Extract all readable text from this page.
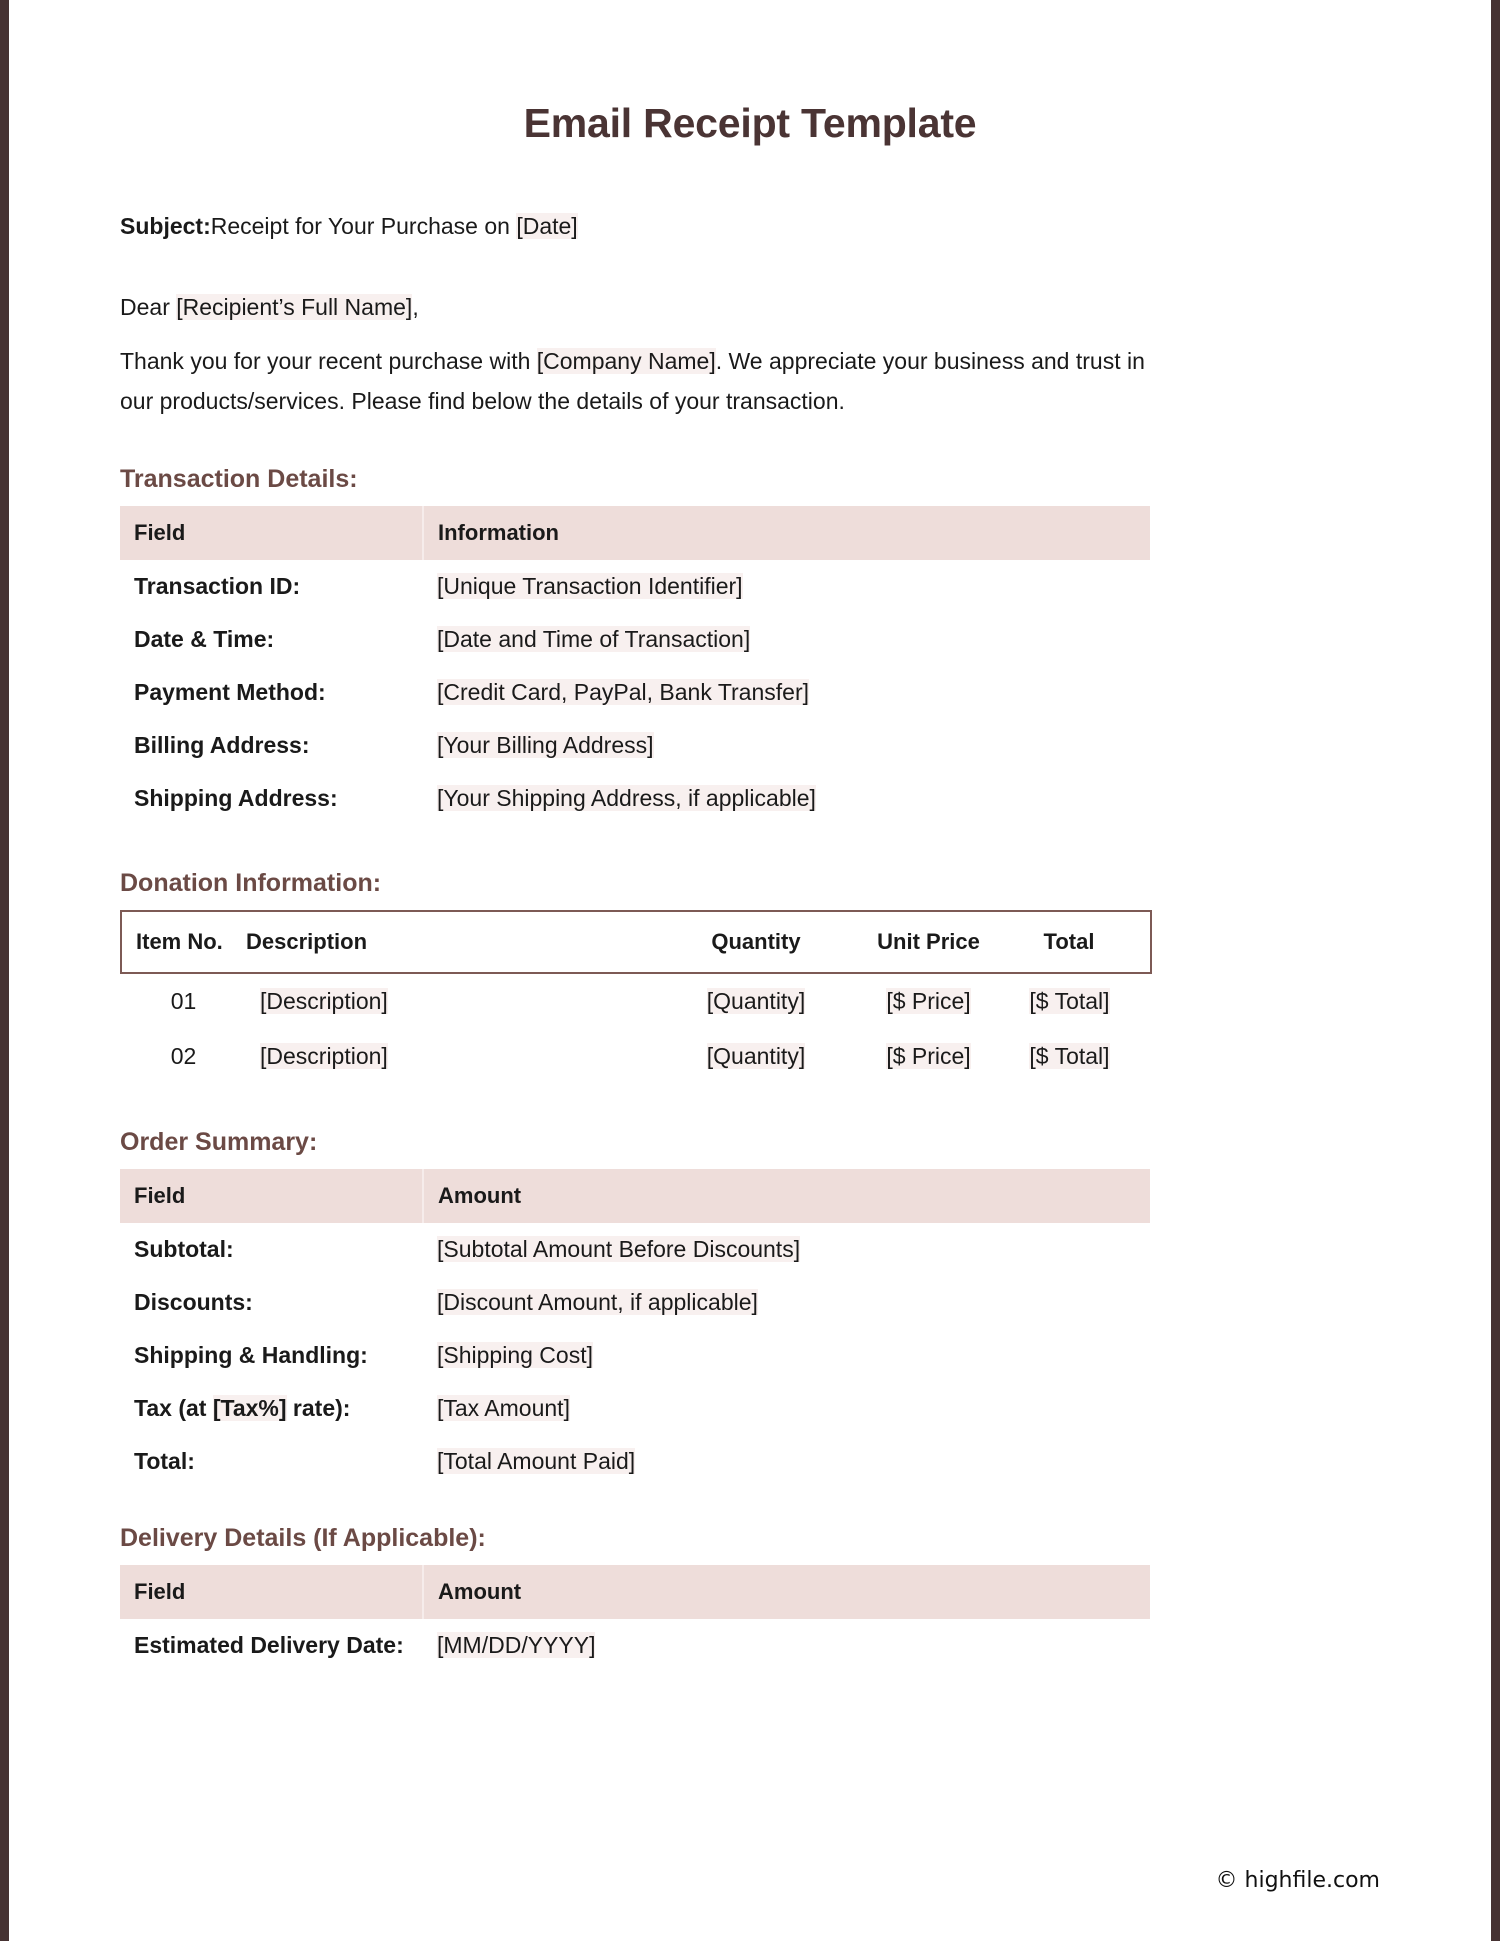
Email Receipt Template
Subject:Receipt for Your Purchase on [Date]
Dear [Recipient’s Full Name],
Thank you for your recent purchase with [Company Name]. We appreciate your business and trust in our products/services. Please find below the details of your transaction.
Transaction Details:
Field	Information
Transaction ID:	[Unique Transaction Identifier]
Date & Time:	[Date and Time of Transaction]
Payment Method:	[Credit Card, PayPal, Bank Transfer]
Billing Address:	[Your Billing Address]
Shipping Address:	[Your Shipping Address, if applicable]
Donation Information:
Item No.	Description	Quantity	Unit Price	Total
01	[Description]	[Quantity]	[$ Price]	[$ Total]
02	[Description]	[Quantity]	[$ Price]	[$ Total]
Order Summary:
Field	Amount
Subtotal:	[Subtotal Amount Before Discounts]
Discounts:	[Discount Amount, if applicable]
Shipping & Handling:	[Shipping Cost]
Tax (at [Tax%] rate):	[Tax Amount]
Total:	[Total Amount Paid]
Delivery Details (If Applicable):
Field	Amount
Estimated Delivery Date:	[MM/DD/YYYY]
© highfile.com
